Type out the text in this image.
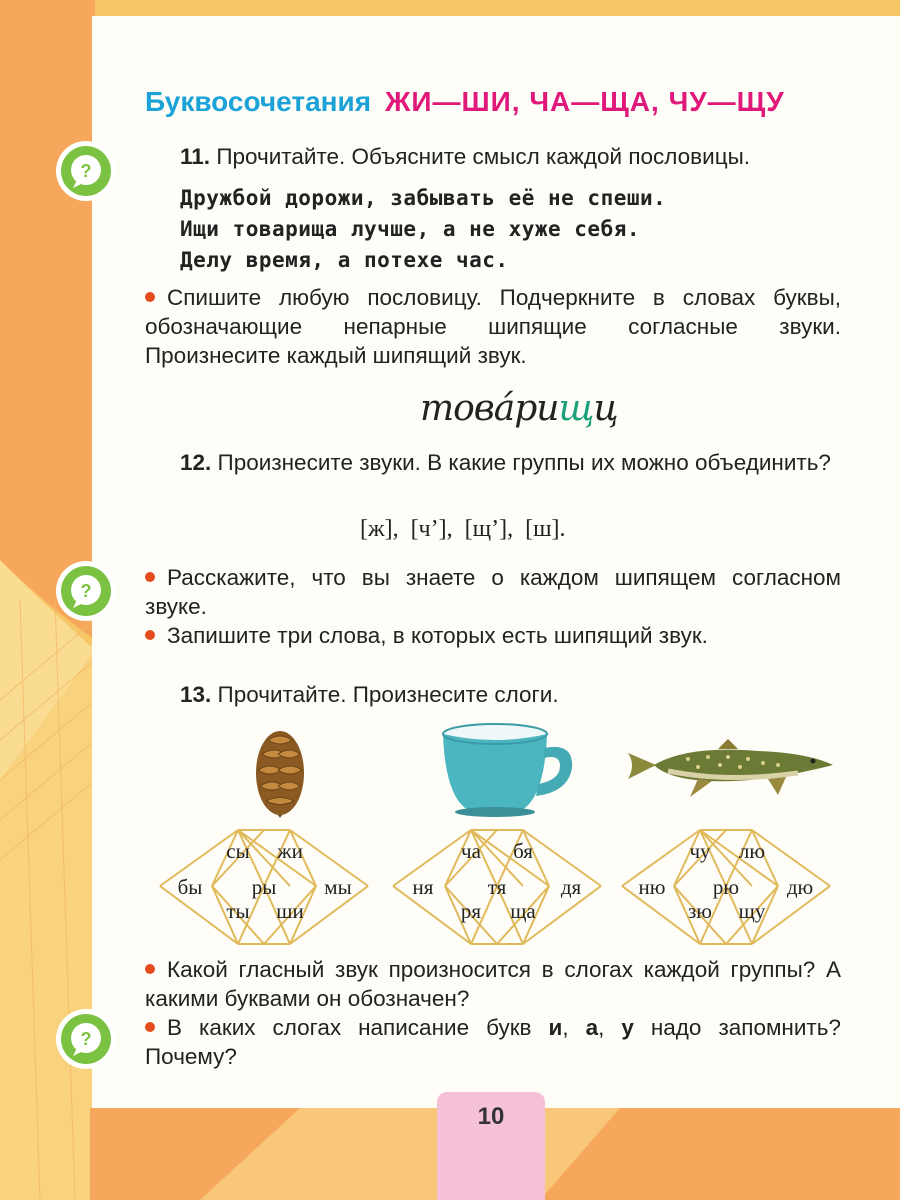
Буквосочетания ЖИ—ШИ, ЧА—ЩА, ЧУ—ЩУ
?
?
?
11. Прочитайте. Объясните смысл каждой пословицы.
Дружбой дорожи, забывать её не спеши.
Ищи товарища лучше, а не хуже себя.
Делу время, а потехе час.
Спишите любую пословицу. Подчеркните в словах буквы, обозначающие непарные шипящие согласные звуки. Произнесите каждый шипящий звук.
товáрищц
12. Произнесите звуки. В какие группы их можно объединить?
[ж], [ч’], [щ’], [ш].
Расскажите, что вы знаете о каждом шипящем согласном звуке.
Запишите три слова, в которых есть шипящий звук.
13. Прочитайте. Произнесите слоги.
сы жи
бы ры мы
ты ши
ча бя
ня	тя	дя
ря ща
чу лю
ню рю дю
зю щу
Какой гласный звук произносится в слогах каждой группы? А какими буквами он обозначен?
В каких слогах написание букв и, а, у надо запомнить? Почему?
10
